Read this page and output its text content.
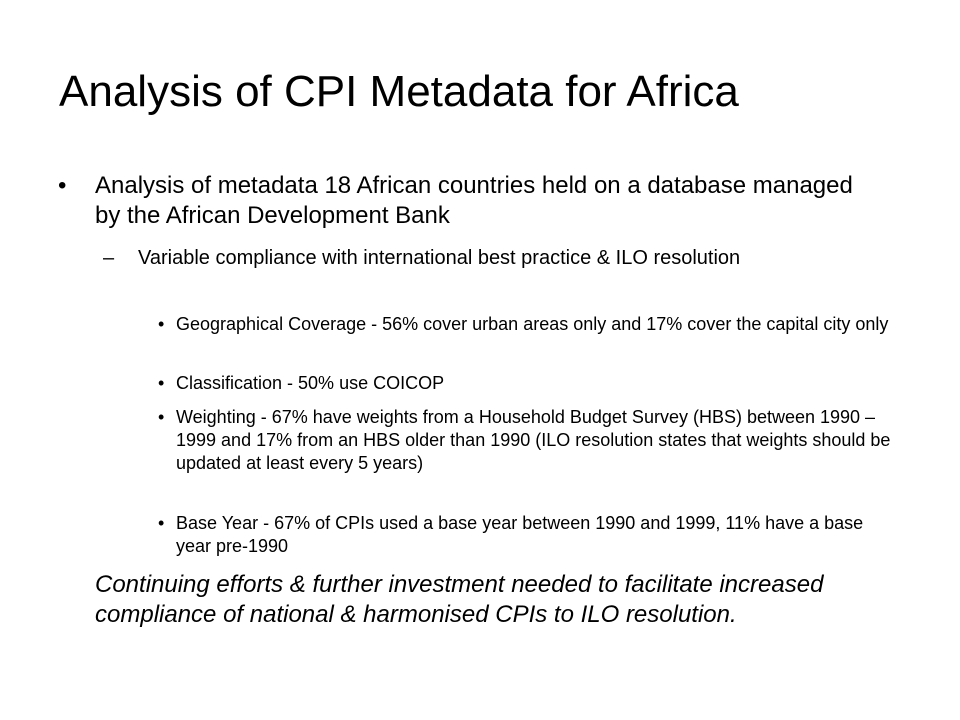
Analysis of CPI Metadata for Africa
• Analysis of metadata 18 African countries held on a database managed by the African Development Bank
– Variable compliance with international best practice & ILO resolution
• Geographical Coverage - 56% cover urban areas only and 17% cover the capital city only
• Classification - 50% use COICOP
• Weighting - 67% have weights from a Household Budget Survey (HBS) between 1990 – 1999 and 17% from an HBS older than 1990 (ILO resolution states that weights should be updated at least every 5 years)
• Base Year - 67% of CPIs used a base year between 1990 and 1999, 11% have a base year pre-1990
Continuing efforts & further investment needed to facilitate increased compliance of national & harmonised CPIs to ILO resolution.
